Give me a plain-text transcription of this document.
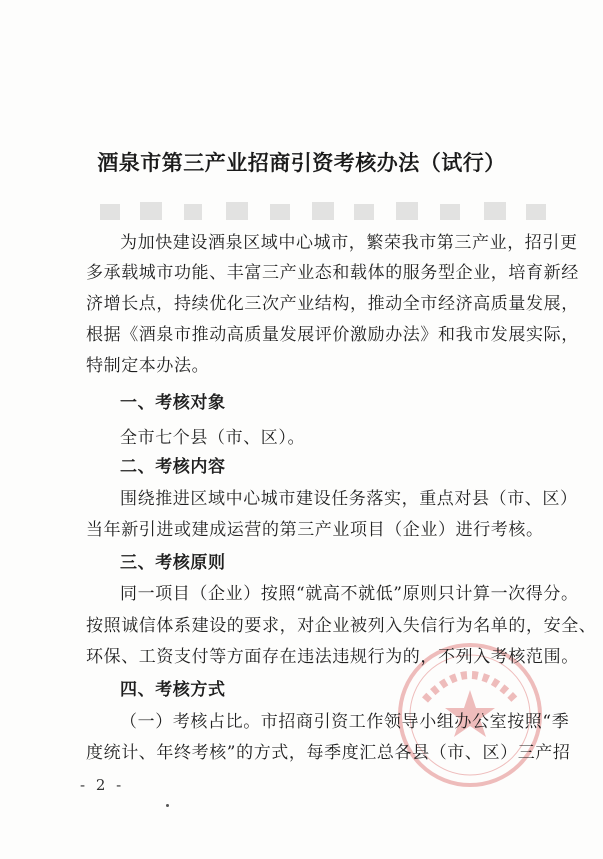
酒泉市第三产业招商引资考核办法（试行）
为加快建设酒泉区域中心城市，繁荣我市第三产业，招引更
多承载城市功能、丰富三产业态和载体的服务型企业，培育新经
济增长点，持续优化三次产业结构，推动全市经济高质量发展，
根据《酒泉市推动高质量发展评价激励办法》和我市发展实际，
特制定本办法。
一、考核对象
全市七个县（市、区）。
二、考核内容
围绕推进区域中心城市建设任务落实，重点对县（市、区）
当年新引进或建成运营的第三产业项目（企业）进行考核。
三、考核原则
同一项目（企业）按照“就高不就低”原则只计算一次得分。
按照诚信体系建设的要求，对企业被列入失信行为名单的，安全、
环保、工资支付等方面存在违法违规行为的，不列入考核范围。
四、考核方式
（一）考核占比。市招商引资工作领导小组办公室按照“季
度统计、年终考核”的方式，每季度汇总各县（市、区）三产招
- 2 -
